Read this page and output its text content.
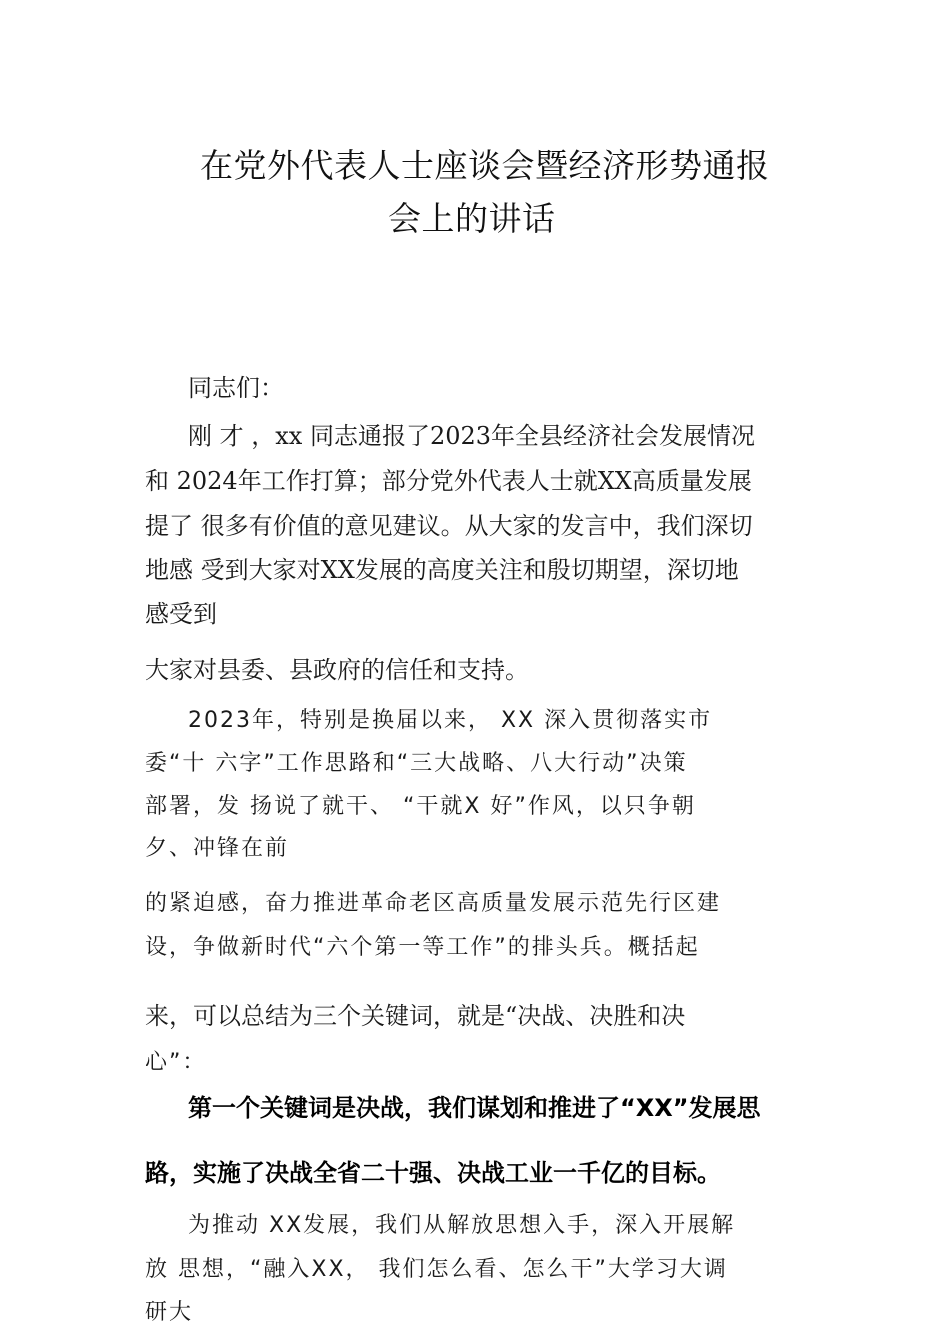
在党外代表人士座谈会暨经济形势通报
会上的讲话
同志们：
刚 才 ，xx 同志通报了2023年全县经济社会发展情况
和 2024年工作打算；部分党外代表人士就XX高质量发展
提了 很多有价值的意见建议。从大家的发言中，我们深切
地感 受到大家对XX发展的高度关注和殷切期望，深切地
感受到
大家对县委、县政府的信任和支持。
2023年，特别是换届以来， XX 深入贯彻落实市
委“十 六字”工作思路和“三大战略、八大行动”决策
部署，发 扬说了就干、 “干就Ⅹ 好”作风，以只争朝
夕、冲锋在前
的紧迫感，奋力推进革命老区高质量发展示范先行区建
设，争做新时代“六个第一等工作”的排头兵。概括起
来，可以总结为三个关键词，就是“决战、决胜和决
心”：
第一个关键词是决战，我们谋划和推进了“XX”发展思
路，实施了决战全省二十强、决战工业一千亿的目标。
为推动 XX发展，我们从解放思想入手，深入开展解
放 思想，“融入XX， 我们怎么看、怎么干”大学习大调
研大
